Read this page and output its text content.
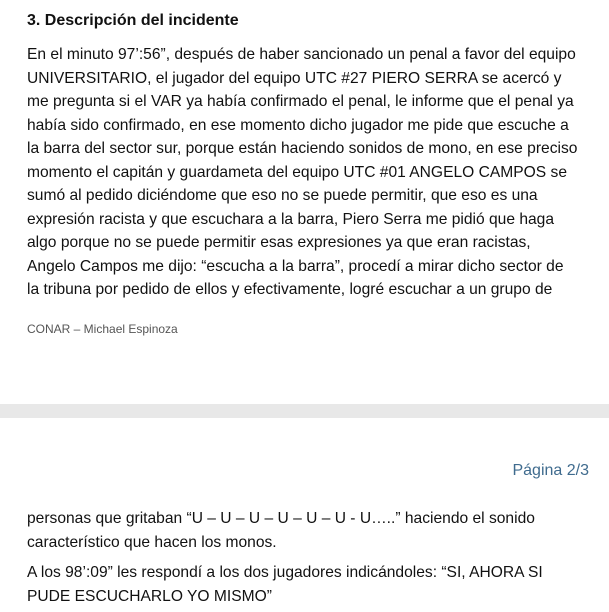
3. Descripción del incidente

En el minuto 97’:56”, después de haber sancionado un penal a favor del equipo
UNIVERSITARIO, el jugador del equipo UTC #27 PIERO SERRA se acercó y
me pregunta si el VAR ya había confirmado el penal, le informe que el penal ya
había sido confirmado, en ese momento dicho jugador me pide que escuche a
la barra del sector sur, porque están haciendo sonidos de mono, en ese preciso
momento el capitán y guardameta del equipo UTC #01 ANGELO CAMPOS se
sumó al pedido diciéndome que eso no se puede permitir, que eso es una
expresión racista y que escuchara a la barra, Piero Serra me pidió que haga
algo porque no se puede permitir esas expresiones ya que eran racistas,
Angelo Campos me dijo: “escucha a la barra”, procedí a mirar dicho sector de
la tribuna por pedido de ellos y efectivamente, logré escuchar a un grupo de

CONAR – Michael Espinoza

Página 2/3

personas que gritaban “U – U – U – U – U – U - U…..” haciendo el sonido
característico que hacen los monos.

A los 98’:09” les respondí a los dos jugadores indicándoles: “SI, AHORA SI
PUDE ESCUCHARLO YO MISMO”
